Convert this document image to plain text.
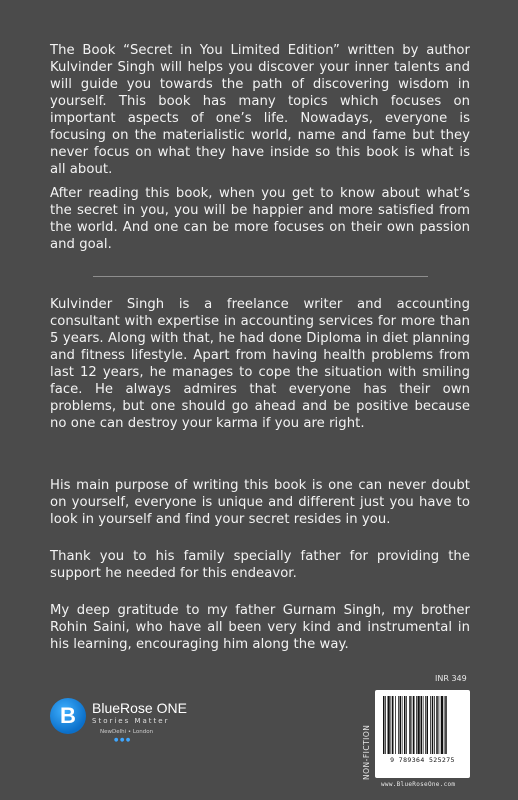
The Book “Secret in You Limited Edition” written by author Kulvinder Singh will helps you discover your inner talents and will guide you towards the path of discovering wisdom in yourself. This book has many topics which focuses on important aspects of one’s life. Nowadays, everyone is focusing on the materialistic world, name and fame but they never focus on what they have inside so this book is what is all about.

After reading this book, when you get to know about what’s the secret in you, you will be happier and more satisfied from the world. And one can be more focuses on their own passion and goal.

Kulvinder Singh is a freelance writer and accounting consultant with expertise in accounting services for more than 5 years. Along with that, he had done Diploma in diet planning and fitness lifestyle. Apart from having health problems from last 12 years, he manages to cope the situation with smiling face. He always admires that everyone has their own problems, but one should go ahead and be positive because no one can destroy your karma if you are right.

His main purpose of writing this book is one can never doubt on yourself, everyone is unique and different just you have to look in yourself and find your secret resides in you.

Thank you to his family specially father for providing the support he needed for this endeavor.

My deep gratitude to my father Gurnam Singh, my brother Rohin Saini, who have all been very kind and instrumental in his learning, encouraging him along the way.

B	BlueRose ONE
Stories Matter
NewDelhi • London
● ● ●
INR 349
NON-FICTION	9 789364 525275
www.BlueRoseOne.com
